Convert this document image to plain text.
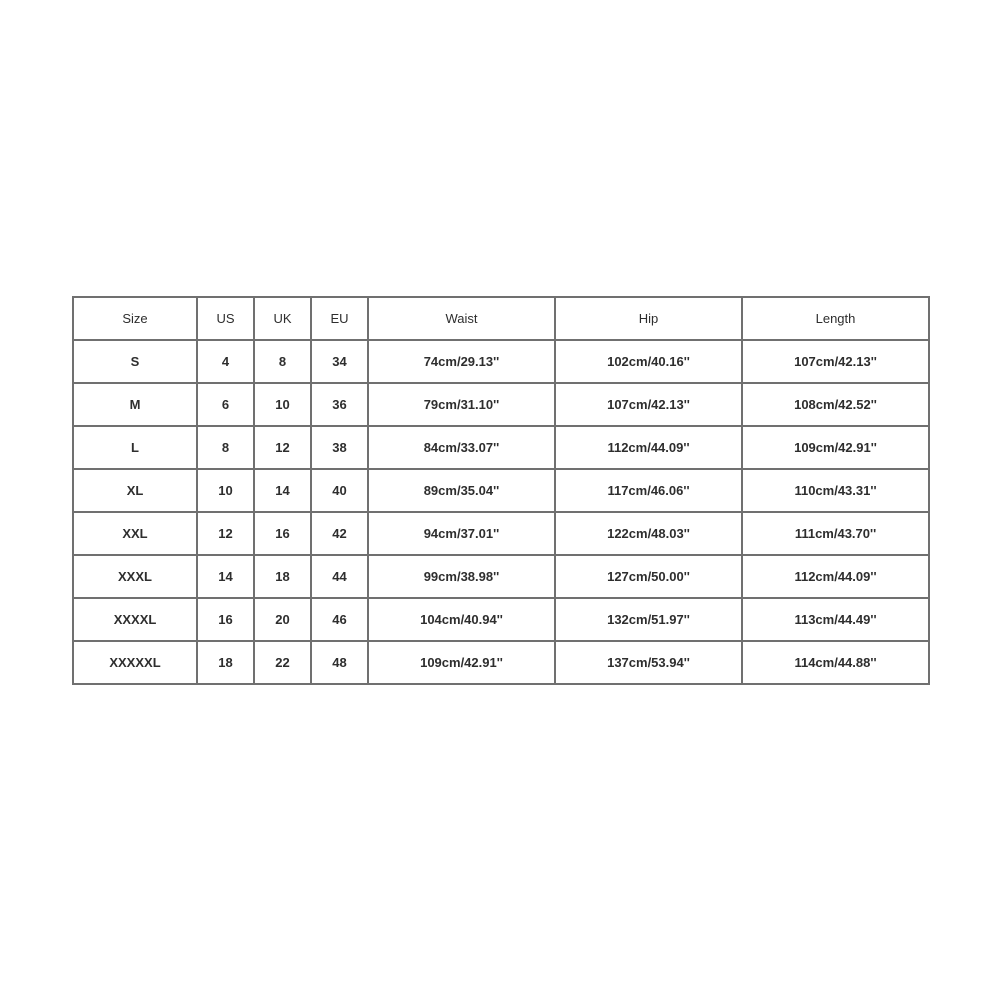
Size	US	UK	EU	Waist	Hip	Length
S	4	8	34	74cm/29.13''	102cm/40.16''	107cm/42.13''
M	6	10	36	79cm/31.10''	107cm/42.13''	108cm/42.52''
L	8	12	38	84cm/33.07''	112cm/44.09''	109cm/42.91''
XL	10	14	40	89cm/35.04''	117cm/46.06''	110cm/43.31''
XXL	12	16	42	94cm/37.01''	122cm/48.03''	111cm/43.70''
XXXL	14	18	44	99cm/38.98''	127cm/50.00''	112cm/44.09''
XXXXL	16	20	46	104cm/40.94''	132cm/51.97''	113cm/44.49''
XXXXXL	18	22	48	109cm/42.91''	137cm/53.94''	114cm/44.88''
